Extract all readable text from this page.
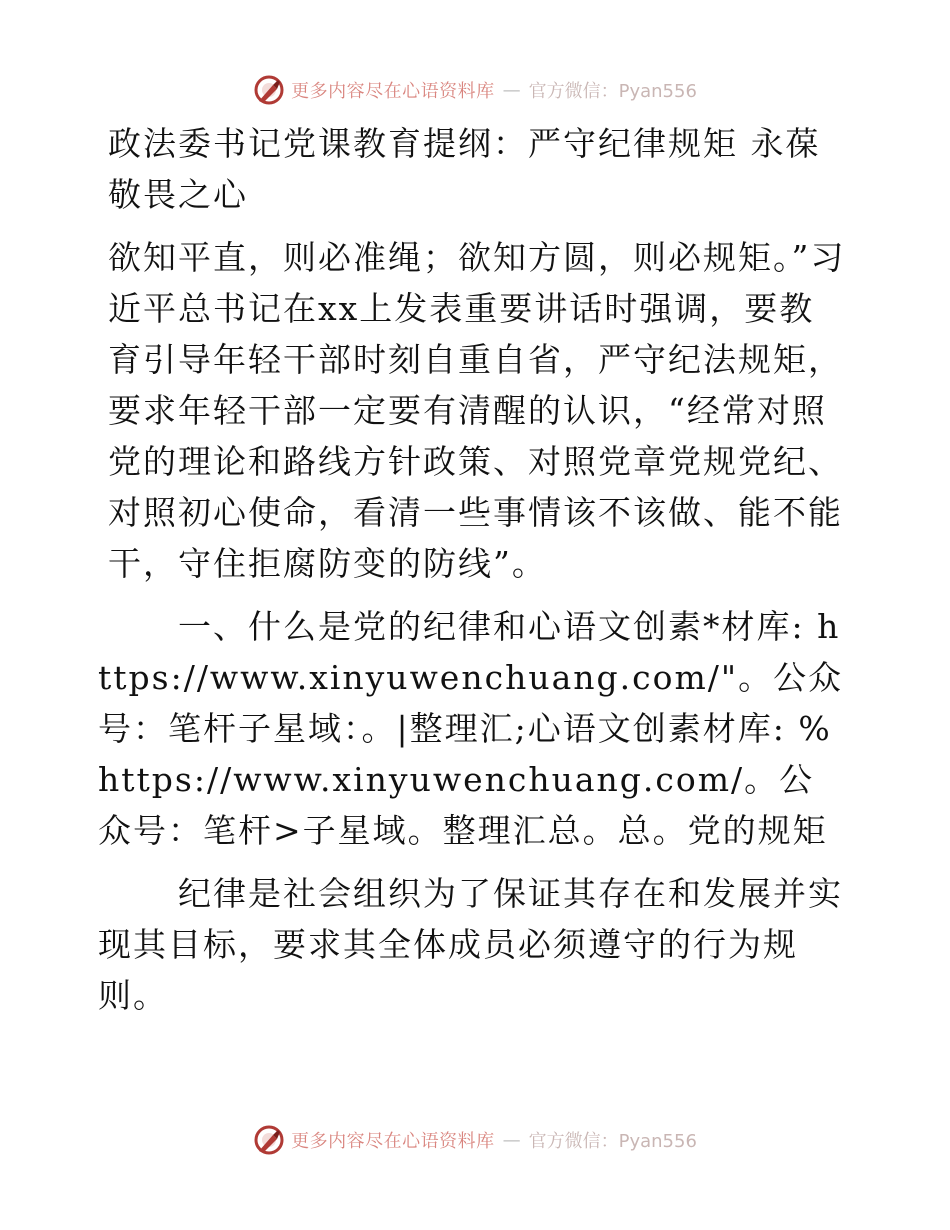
更多内容尽在心语资料库 — 官方微信：Pyan556
政法委书记党课教育提纲：严守纪律规矩 永葆敬畏之心

欲知平直，则必准绳；欲知方圆，则必规矩。”习近平总书记在xx上发表重要讲话时强调，要教育引导年轻干部时刻自重自省，严守纪法规矩，要求年轻干部一定要有清醒的认识，“经常对照党的理论和路线方针政策、对照党章党规党纪、对照初心使命，看清一些事情该不该做、能不能干，守住拒腐防变的防线”。

一、什么是党的纪律和心语文创素*材库: https://www.xinyuwenchuang.com/"。公众号：笔杆子星域：。|整理汇;心语文创素材库: %https://www.xinyuwenchuang.com/。公众号：笔杆>子星域。整理汇总。总。党的规矩

纪律是社会组织为了保证其存在和发展并实现其目标，要求其全体成员必须遵守的行为规则。

更多内容尽在心语资料库 — 官方微信：Pyan556
